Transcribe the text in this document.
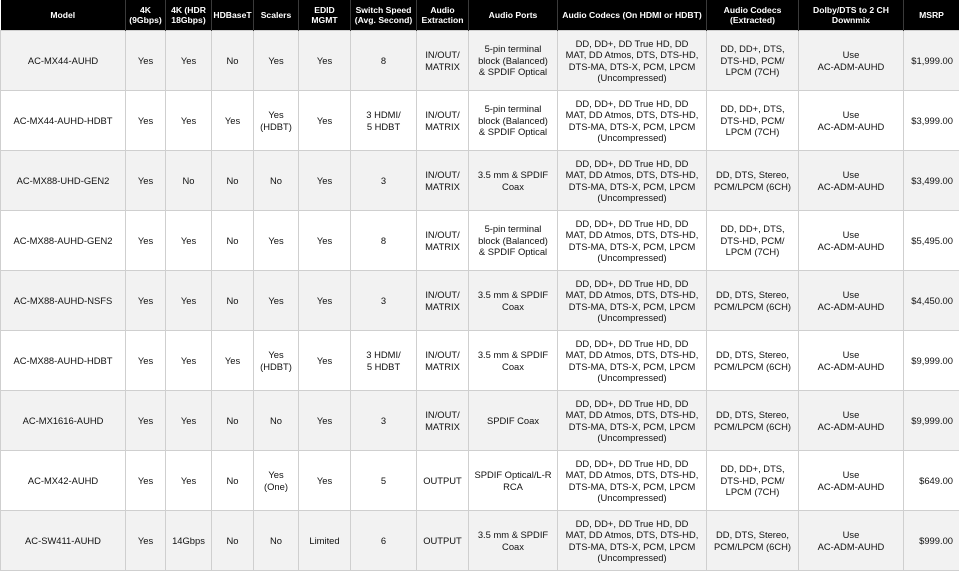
Model	4K
(9Gbps)	4K (HDR
18Gbps)	HDBaseT	Scalers	EDID
MGMT	Switch Speed
(Avg. Second)	Audio
Extraction	Audio Ports	Audio Codecs (On HDMI or HDBT)	Audio Codecs
(Extracted)	Dolby/DTS to 2 CH
Downmix	MSRP
AC-MX44-AUHD	Yes	Yes	No	Yes	Yes	8	IN/OUT/
MATRIX	5-pin terminal
block (Balanced)
& SPDIF Optical	DD, DD+, DD True HD, DD
MAT, DD Atmos, DTS, DTS-HD,
DTS-MA, DTS-X, PCM, LPCM
(Uncompressed)	DD, DD+, DTS,
DTS-HD, PCM/
LPCM (7CH)	Use
AC-ADM-AUHD	$1,999.00
AC-MX44-AUHD-HDBT	Yes	Yes	Yes	Yes
(HDBT)	Yes	3 HDMI/
5 HDBT	IN/OUT/
MATRIX	5-pin terminal
block (Balanced)
& SPDIF Optical	DD, DD+, DD True HD, DD
MAT, DD Atmos, DTS, DTS-HD,
DTS-MA, DTS-X, PCM, LPCM
(Uncompressed)	DD, DD+, DTS,
DTS-HD, PCM/
LPCM (7CH)	Use
AC-ADM-AUHD	$3,999.00
AC-MX88-UHD-GEN2	Yes	No	No	No	Yes	3	IN/OUT/
MATRIX	3.5 mm & SPDIF
Coax	DD, DD+, DD True HD, DD
MAT, DD Atmos, DTS, DTS-HD,
DTS-MA, DTS-X, PCM, LPCM
(Uncompressed)	DD, DTS, Stereo,
PCM/LPCM (6CH)	Use
AC-ADM-AUHD	$3,499.00
AC-MX88-AUHD-GEN2	Yes	Yes	No	Yes	Yes	8	IN/OUT/
MATRIX	5-pin terminal
block (Balanced)
& SPDIF Optical	DD, DD+, DD True HD, DD
MAT, DD Atmos, DTS, DTS-HD,
DTS-MA, DTS-X, PCM, LPCM
(Uncompressed)	DD, DD+, DTS,
DTS-HD, PCM/
LPCM (7CH)	Use
AC-ADM-AUHD	$5,495.00
AC-MX88-AUHD-NSFS	Yes	Yes	No	Yes	Yes	3	IN/OUT/
MATRIX	3.5 mm & SPDIF
Coax	DD, DD+, DD True HD, DD
MAT, DD Atmos, DTS, DTS-HD,
DTS-MA, DTS-X, PCM, LPCM
(Uncompressed)	DD, DTS, Stereo,
PCM/LPCM (6CH)	Use
AC-ADM-AUHD	$4,450.00
AC-MX88-AUHD-HDBT	Yes	Yes	Yes	Yes
(HDBT)	Yes	3 HDMI/
5 HDBT	IN/OUT/
MATRIX	3.5 mm & SPDIF
Coax	DD, DD+, DD True HD, DD
MAT, DD Atmos, DTS, DTS-HD,
DTS-MA, DTS-X, PCM, LPCM
(Uncompressed)	DD, DTS, Stereo,
PCM/LPCM (6CH)	Use
AC-ADM-AUHD	$9,999.00
AC-MX1616-AUHD	Yes	Yes	No	No	Yes	3	IN/OUT/
MATRIX	SPDIF Coax	DD, DD+, DD True HD, DD
MAT, DD Atmos, DTS, DTS-HD,
DTS-MA, DTS-X, PCM, LPCM
(Uncompressed)	DD, DTS, Stereo,
PCM/LPCM (6CH)	Use
AC-ADM-AUHD	$9,999.00
AC-MX42-AUHD	Yes	Yes	No	Yes
(One)	Yes	5	OUTPUT	SPDIF Optical/L-R
RCA	DD, DD+, DD True HD, DD
MAT, DD Atmos, DTS, DTS-HD,
DTS-MA, DTS-X, PCM, LPCM
(Uncompressed)	DD, DD+, DTS,
DTS-HD, PCM/
LPCM (7CH)	Use
AC-ADM-AUHD	$649.00
AC-SW411-AUHD	Yes	14Gbps	No	No	Limited	6	OUTPUT	3.5 mm & SPDIF
Coax	DD, DD+, DD True HD, DD
MAT, DD Atmos, DTS, DTS-HD,
DTS-MA, DTS-X, PCM, LPCM
(Uncompressed)	DD, DTS, Stereo,
PCM/LPCM (6CH)	Use
AC-ADM-AUHD	$999.00
